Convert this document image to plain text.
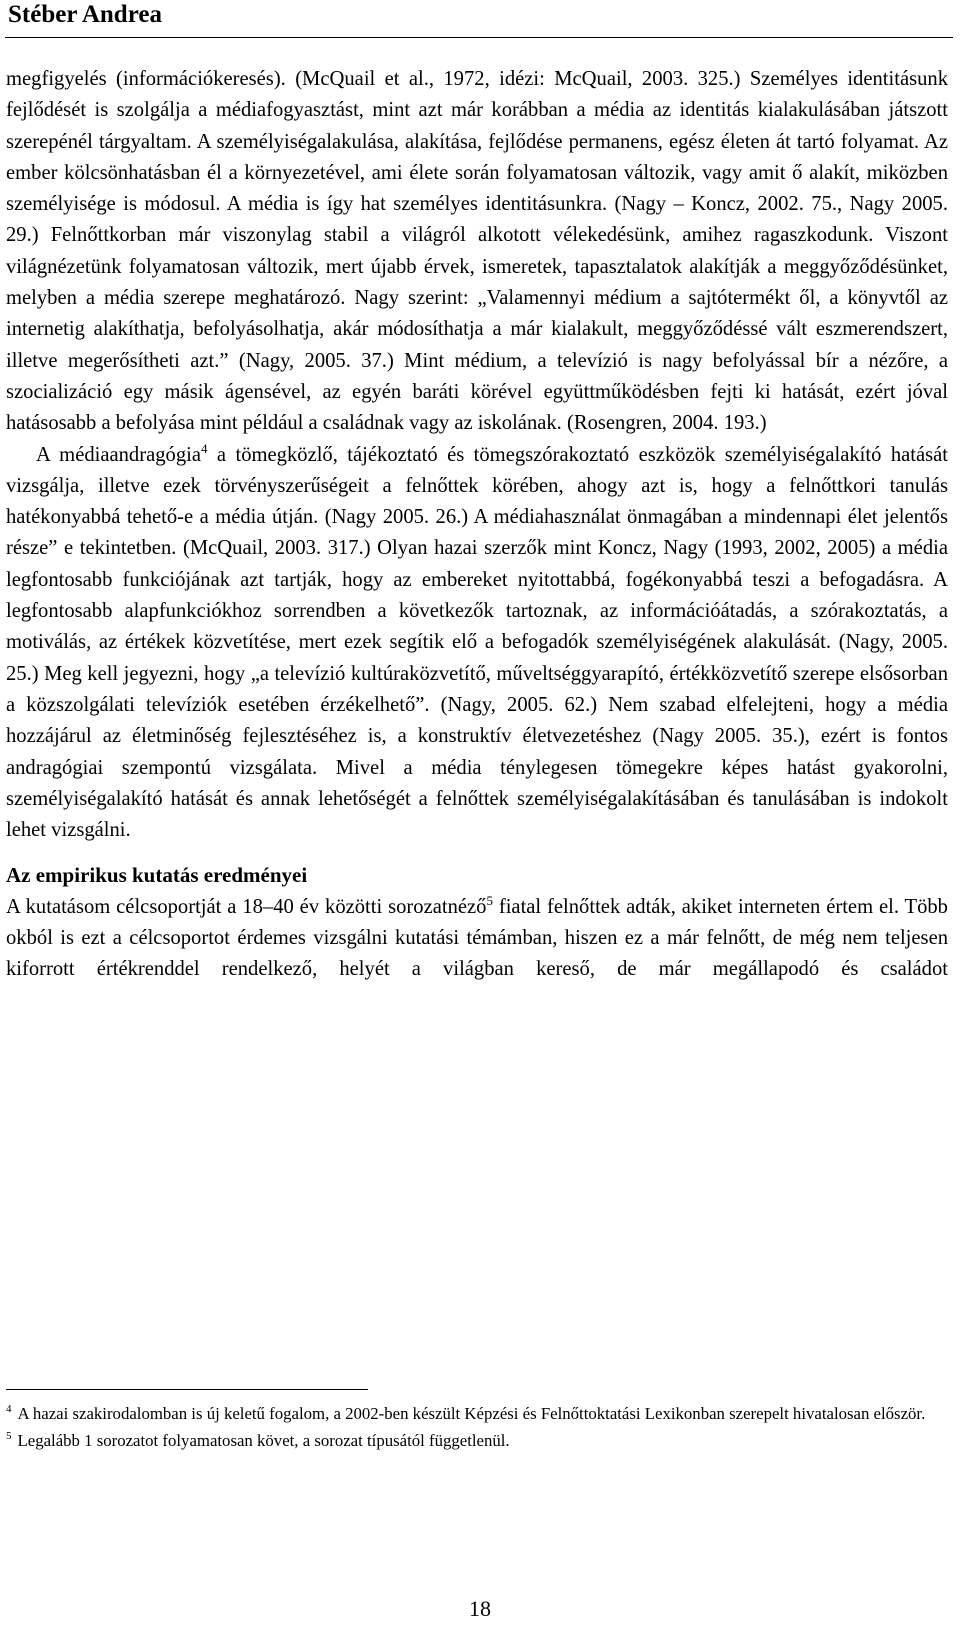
Stéber Andrea

megfigyelés (információkeresés). (McQuail et al., 1972, idézi: McQuail, 2003. 325.) Személyes identitásunk fejlődését is szolgálja a médiafogyasztást, mint azt már korábban a média az identitás kialakulásában játszott szerepénél tárgyaltam. A személyiségalakulása, alakítása, fejlődése permanens, egész életen át tartó folyamat. Az ember kölcsönhatásban él a környezetével, ami élete során folyamatosan változik, vagy amit ő alakít, miközben személyisége is módosul. A média is így hat személyes identitásunkra. (Nagy – Koncz, 2002. 75., Nagy 2005. 29.) Felnőttkorban már viszonylag stabil a világról alkotott vélekedésünk, amihez ragaszkodunk. Viszont világnézetünk folyamatosan változik, mert újabb érvek, ismeretek, tapasztalatok alakítják a meggyőződésünket, melyben a média szerepe meghatározó. Nagy szerint: „Valamennyi médium a sajtótermékt ől, a könyvtől az internetig alakíthatja, befolyásolhatja, akár módosíthatja a már kialakult, meggyőződéssé vált eszmerendszert, illetve megerősítheti azt.” (Nagy, 2005. 37.) Mint médium, a televízió is nagy befolyással bír a nézőre, a szocializáció egy másik ágensével, az egyén baráti körével együttműködésben fejti ki hatását, ezért jóval hatásosabb a befolyása mint például a családnak vagy az iskolának. (Rosengren, 2004. 193.)

A médiaandragógia$^4$ a tömegközlő, tájékoztató és tömegszórakoztató eszközök személyiségalakító hatását vizsgálja, illetve ezek törvényszerűségeit a felnőttek körében, ahogy azt is, hogy a felnőttkori tanulás hatékonyabbá tehető-e a média útján. (Nagy 2005. 26.) A médiahasználat önmagában a mindennapi élet jelentős része” e tekintetben. (McQuail, 2003. 317.) Olyan hazai szerzők mint Koncz, Nagy (1993, 2002, 2005) a média legfontosabb funkciójának azt tartják, hogy az embereket nyitottabbá, fogékonyabbá teszi a befogadásra. A legfontosabb alapfunkciókhoz sorrendben a következők tartoznak, az információátadás, a szórakoztatás, a motiválás, az értékek közvetítése, mert ezek segítik elő a befogadók személyiségének alakulását. (Nagy, 2005. 25.) Meg kell jegyezni, hogy „a televízió kultúraközvetítő, műveltséggyarapító, értékközvetítő szerepe elsősorban a közszolgálati televíziók esetében érzékelhető”. (Nagy, 2005. 62.) Nem szabad elfelejteni, hogy a média hozzájárul az életminőség fejlesztéséhez is, a konstruktív életvezetéshez (Nagy 2005. 35.), ezért is fontos andragógiai szempontú vizsgálata. Mivel a média ténylegesen tömegekre képes hatást gyakorolni, személyiségalakító hatását és annak lehetőségét a felnőttek személyiségalakításában és tanulásában is indokolt lehet vizsgálni.

Az empirikus kutatás eredményei

A kutatásom célcsoportját a 18–40 év közötti sorozatnéző$^5$ fiatal felnőttek adták, akiket interneten értem el. Több okból is ezt a célcsoportot érdemes vizsgálni kutatási témámban, hiszen ez a már felnőtt, de még nem teljesen kiforrott értékrenddel rendelkező, helyét a világban kereső, de már megállapodó és családot

$^4$ A hazai szakirodalomban is új keletű fogalom, a 2002-ben készült Képzési és Felnőttoktatási Lexikonban szerepelt hivatalosan először.

$^5$ Legalább 1 sorozatot folyamatosan követ, a sorozat típusától függetlenül.

18
